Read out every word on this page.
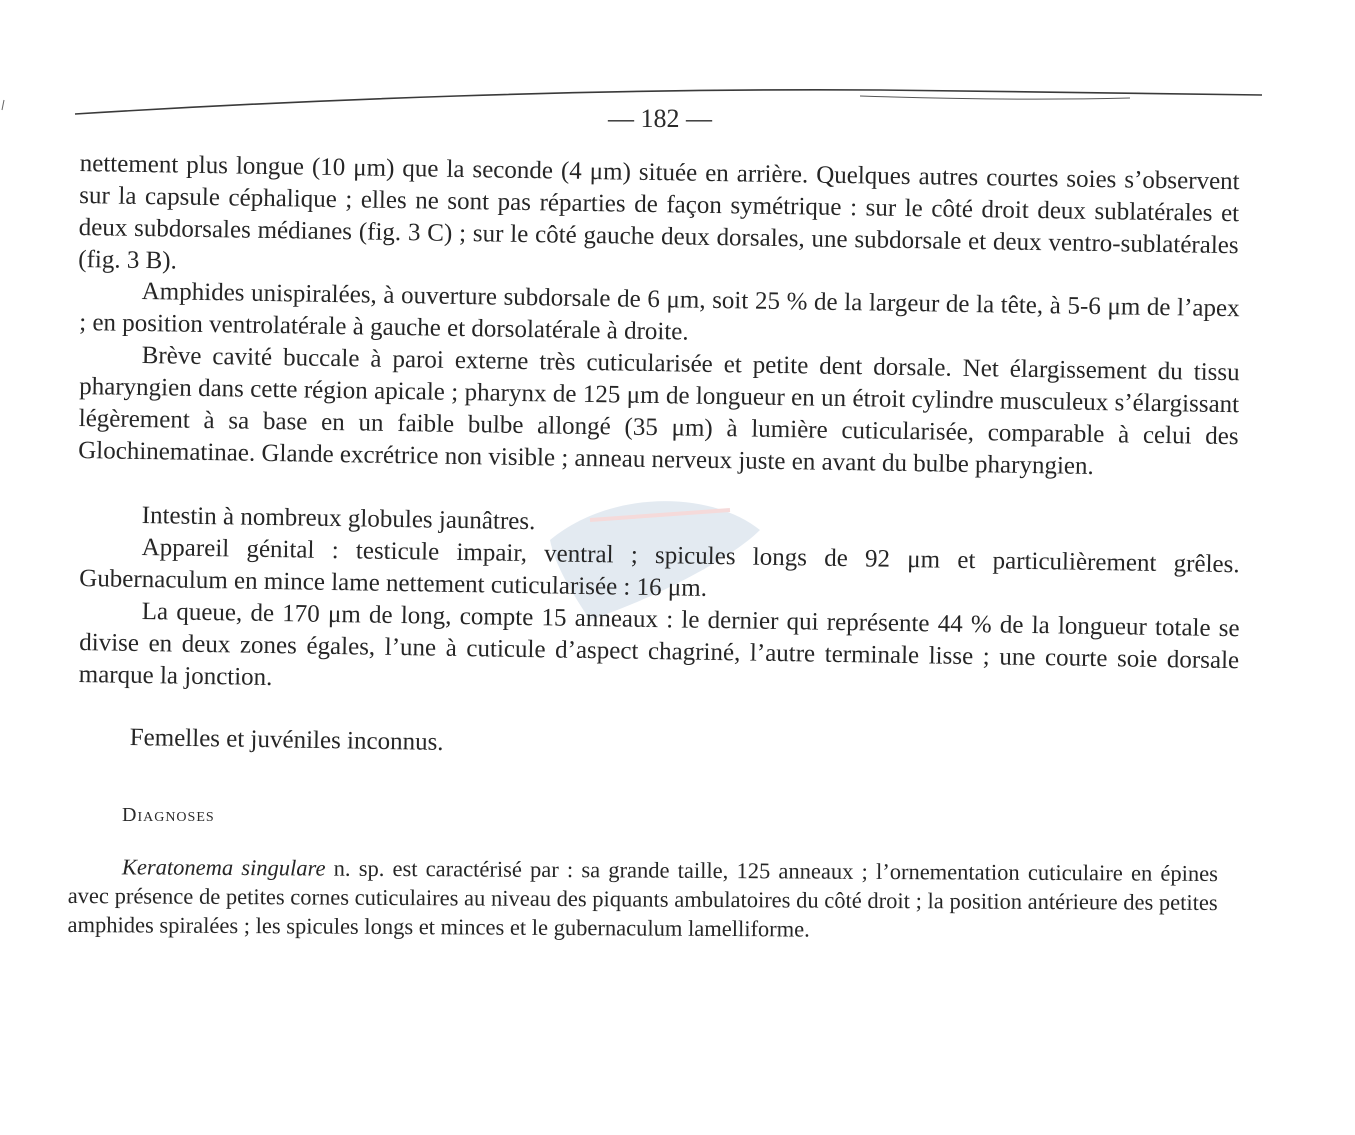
— 182 —

nettement plus longue (10 μm) que la seconde (4 μm) située en arrière. Quelques autres courtes soies s’observent sur la capsule céphalique ; elles ne sont pas réparties de façon symétrique : sur le côté droit deux sublatérales et deux subdorsales médianes (fig. 3 C) ; sur le côté gauche deux dorsales, une subdorsale et deux ventro-sublatérales (fig. 3 B).

Amphides unispiralées, à ouverture subdorsale de 6 μm, soit 25 % de la largeur de la tête, à 5-6 μm de l’apex ; en position ventrolatérale à gauche et dorsolatérale à droite.

Brève cavité buccale à paroi externe très cuticularisée et petite dent dorsale. Net élargissement du tissu pharyngien dans cette région apicale ; pharynx de 125 μm de longueur en un étroit cylindre musculeux s’élargissant légèrement à sa base en un faible bulbe allongé (35 μm) à lumière cuticularisée, comparable à celui des Glochinematinae. Glande excrétrice non visible ; anneau nerveux juste en avant du bulbe pharyngien.

Intestin à nombreux globules jaunâtres.

Appareil génital : testicule impair, ventral ; spicules longs de 92 μm et particulièrement grêles. Gubernaculum en mince lame nettement cuticularisée : 16 μm.

La queue, de 170 μm de long, compte 15 anneaux : le dernier qui représente 44 % de la longueur totale se divise en deux zones égales, l’une à cuticule d’aspect chagriné, l’autre terminale lisse ; une courte soie dorsale marque la jonction.

Femelles et juvéniles inconnus.

Diagnoses

Keratonema singulare n. sp. est caractérisé par : sa grande taille, 125 anneaux ; l’ornementation cuticulaire en épines avec présence de petites cornes cuticulaires au niveau des piquants ambulatoires du côté droit ; la position antérieure des petites amphides spiralées ; les spicules longs et minces et le gubernaculum lamelliforme.
